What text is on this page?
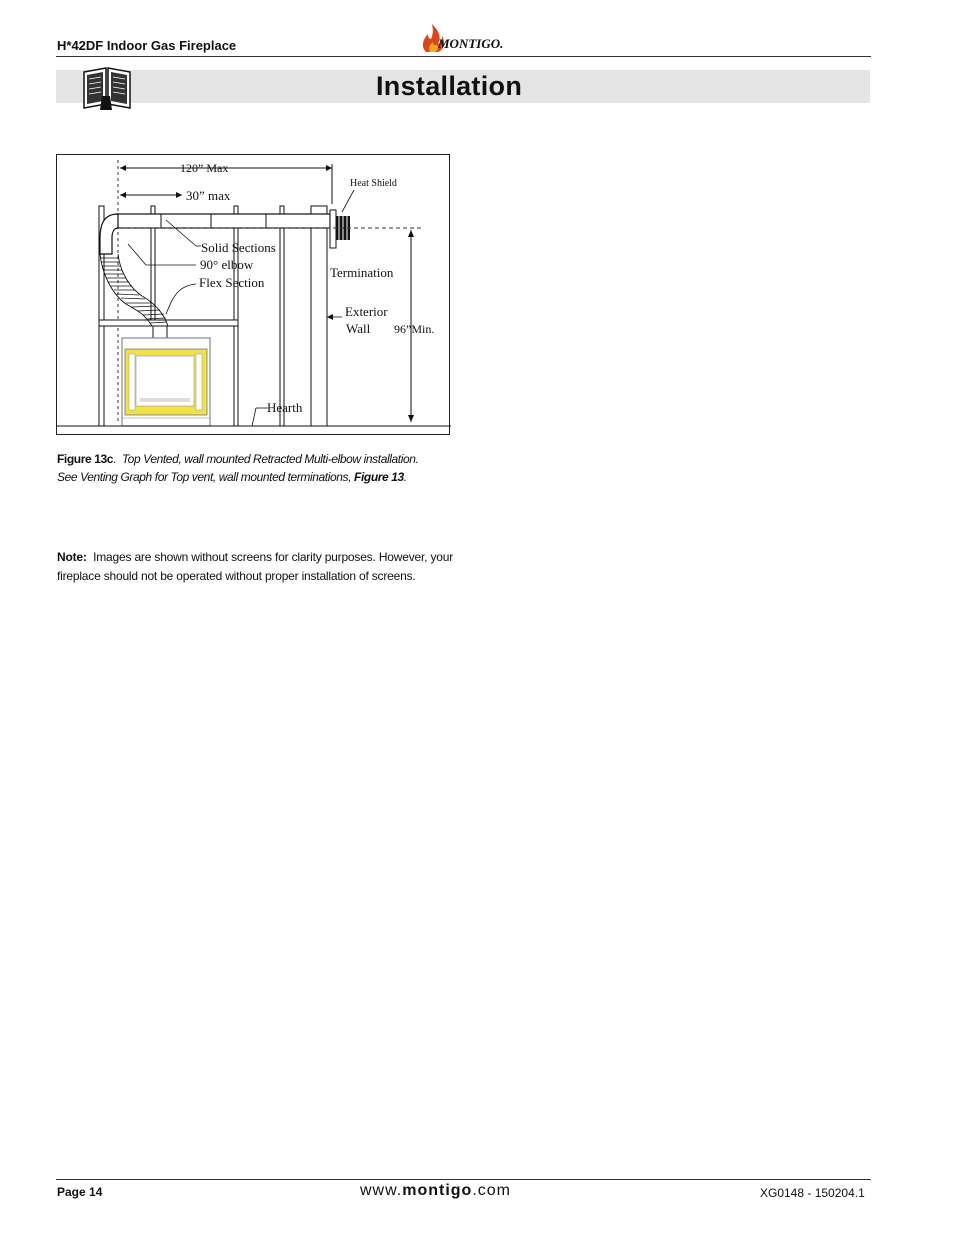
H*42DF Indoor Gas Fireplace	MONTIGO.
Installation
120” Max
30” max
Heat Shield
Solid Sections
90° elbow
Flex Section
Termination
Exterior
Wall 96”Min.
Hearth
Figure 13c.  Top Vented, wall mounted Retracted Multi-elbow installation.
See Venting Graph for Top vent, wall mounted terminations, Figure 13.
Note: Images are shown without screens for clarity purposes. However, your fireplace should not be operated without proper installation of screens.
Page 14	www.montigo.com	XG0148 - 150204.1
